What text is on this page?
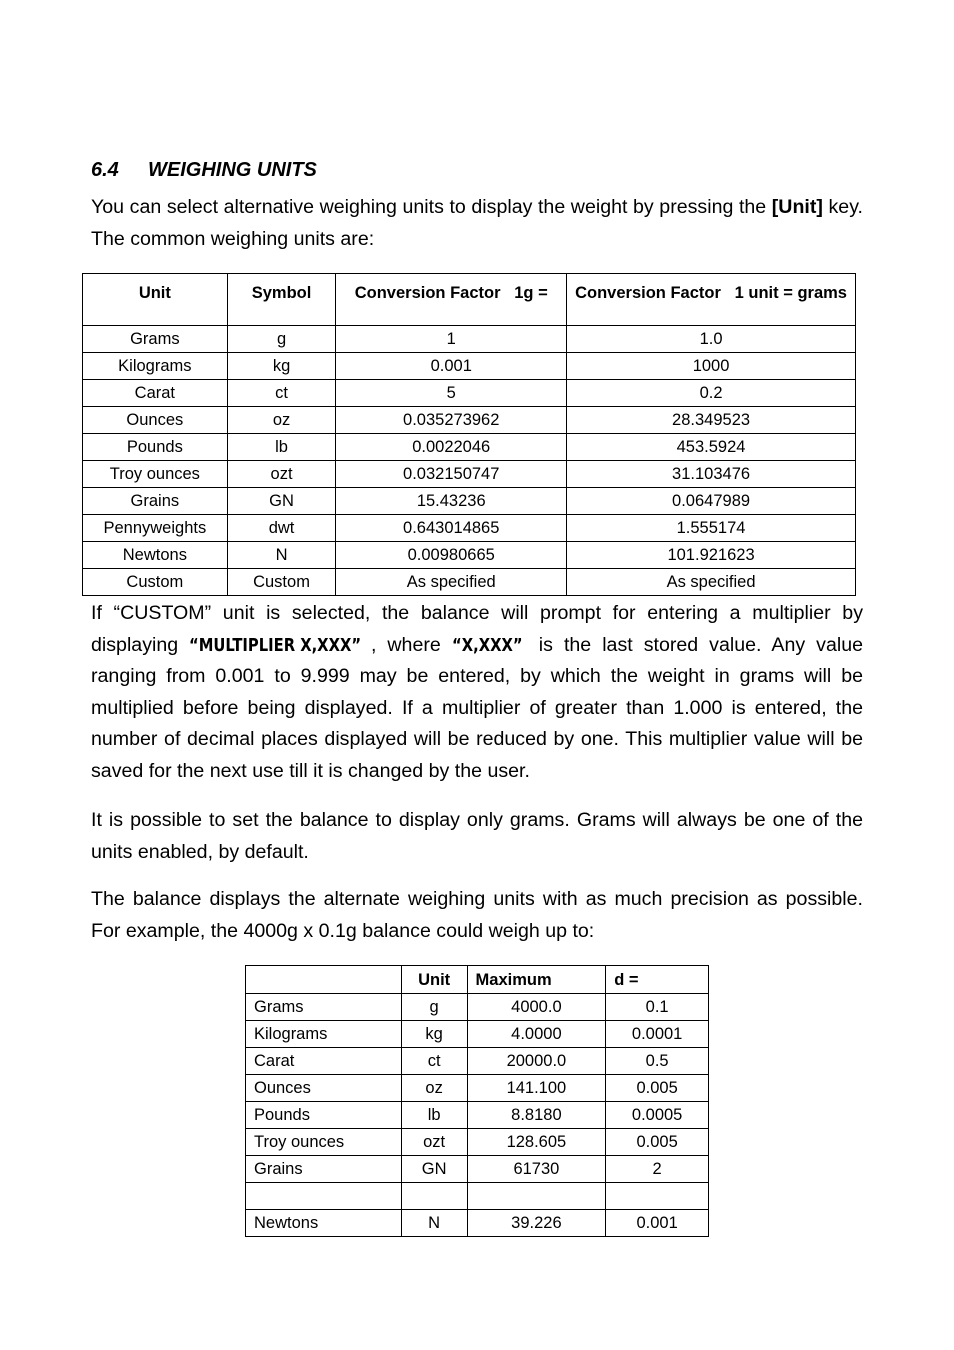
6.4 WEIGHING UNITS

You can select alternative weighing units to display the weight by pressing the [Unit] key. The common weighing units are:

Unit	Symbol	Conversion Factor   1g =	Conversion Factor   1 unit = grams
Grams	g	1	1.0
Kilograms	kg	0.001	1000
Carat	ct	5	0.2
Ounces	oz	0.035273962	28.349523
Pounds	lb	0.0022046	453.5924
Troy ounces	ozt	0.032150747	31.103476
Grains	GN	15.43236	0.0647989
Pennyweights	dwt	0.643014865	1.555174
Newtons	N	0.00980665	101.921623
Custom	Custom	As specified	As specified

If “CUSTOM” unit is selected, the balance will prompt for entering a multiplier by displaying “MULTIPLIER X,XXX” , where “X,XXX” is the last stored value. Any value ranging from 0.001 to 9.999 may be entered, by which the weight in grams will be multiplied before being displayed. If a multiplier of greater than 1.000 is entered, the number of decimal places displayed will be reduced by one. This multiplier value will be saved for the next use till it is changed by the user.

It is possible to set the balance to display only grams. Grams will always be one of the units enabled, by default.

The balance displays the alternate weighing units with as much precision as possible. For example, the 4000g x 0.1g balance could weigh up to:

	Unit	Maximum	d =
Grams	g	4000.0	0.1
Kilograms	kg	4.0000	0.0001
Carat	ct	20000.0	0.5
Ounces	oz	141.100	0.005
Pounds	lb	8.8180	0.0005
Troy ounces	ozt	128.605	0.005
Grains	GN	61730	2

Newtons	N	39.226	0.001
